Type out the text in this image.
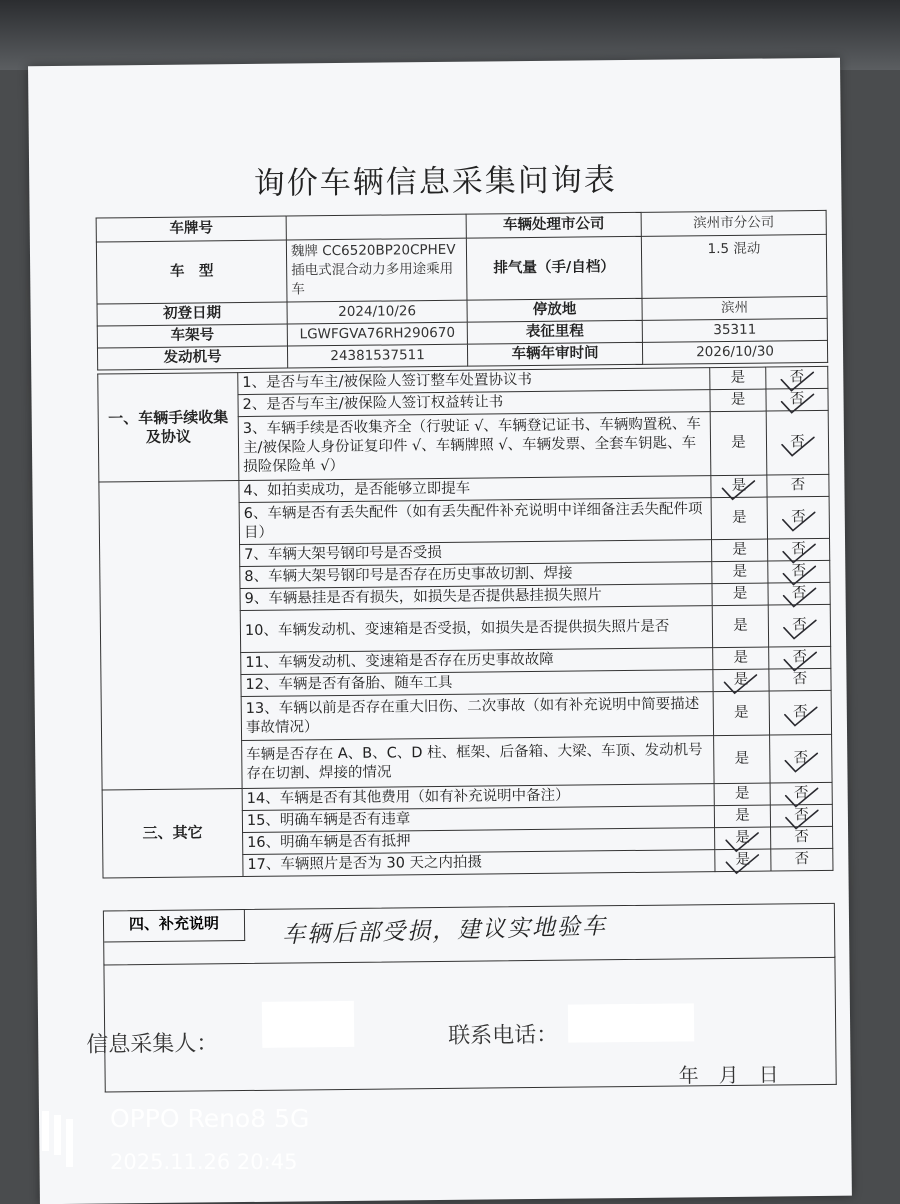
询价车辆信息采集问询表
车牌号		车辆处理市公司	滨州市分公司
车　型	魏牌 CC6520BP20CPHEV 插电式混合动力多用途乘用车	排气量（手/自档）	1.5 混动
初登日期	2024/10/26	停放地	滨州
车架号	LGWFGVA76RH290670	表征里程	35311
发动机号	24381537511	车辆年审时间	2026/10/30
一、车辆手续收集及协议	1、是否与车主/被保险人签订整车处置协议书	是	否
	2、是否与车主/被保险人签订权益转让书	是	否
	3、车辆手续是否收集齐全（行驶证 √、车辆登记证书、车辆购置税、车主/被保险人身份证复印件 √、车辆牌照 √、车辆发票、全套车钥匙、车损险保险单 √）	是	否
	4、如拍卖成功，是否能够立即提车	是	否
	6、车辆是否有丢失配件（如有丢失配件补充说明中详细备注丢失配件项目）	是	否
	7、车辆大架号钢印号是否受损	是	否
	8、车辆大架号钢印号是否存在历史事故切割、焊接	是	否
	9、车辆悬挂是否有损失，如损失是否提供悬挂损失照片	是	否
	10、车辆发动机、变速箱是否受损，如损失是否提供损失照片是否	是	否
	11、车辆发动机、变速箱是否存在历史事故故障	是	否
	12、车辆是否有备胎、随车工具	是	否
	13、车辆以前是否存在重大旧伤、二次事故（如有补充说明中简要描述事故情况）	是	否
	车辆是否存在 A、B、C、D 柱、框架、后备箱、大梁、车顶、发动机号存在切割、焊接的情况	是	否
三、其它	14、车辆是否有其他费用（如有补充说明中备注）	是	否
	15、明确车辆是否有违章	是	否
	16、明确车辆是否有抵押	是	否
	17、车辆照片是否为 30 天之内拍摄	是	否
四、补充说明	车辆后部受损，建议实地验车
信息采集人：	联系电话：
年　月　日
OPPO Reno8 5G
2025.11.26 20:45
